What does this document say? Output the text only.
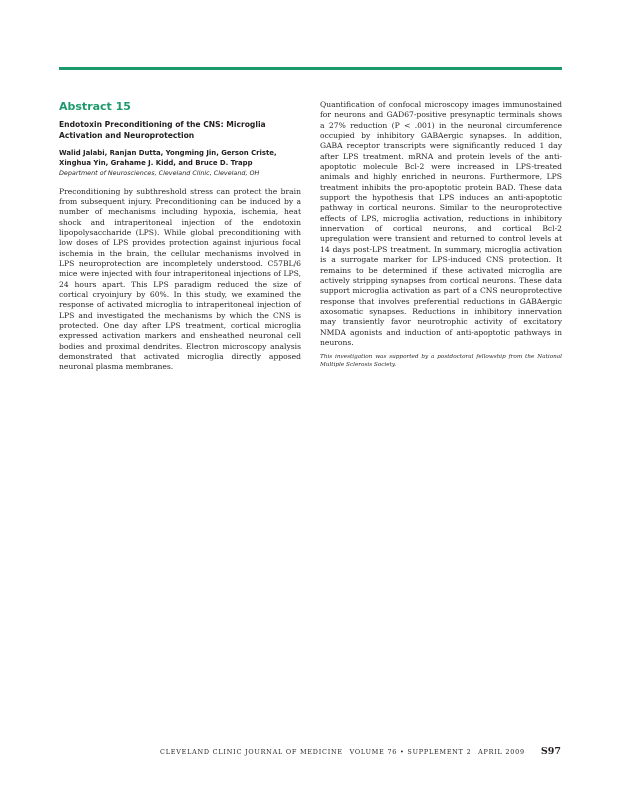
Abstract 15
Endotoxin Preconditioning of the CNS: Microglia Activation and Neuroprotection

Walid Jalabi, Ranjan Dutta, Yongming Jin, Gerson Criste, Xinghua Yin, Grahame J. Kidd, and Bruce D. Trapp

Department of Neurosciences, Cleveland Clinic, Cleveland, OH

Preconditioning by subthreshold stress can protect the brain from subsequent injury. Preconditioning can be induced by a number of mechanisms including hypoxia, ischemia, heat shock and intraperitoneal injection of the endotoxin lipopolysaccharide (LPS). While global preconditioning with low doses of LPS provides protection against injurious focal ischemia in the brain, the cellular mechanisms involved in LPS neuroprotection are incompletely understood. C57BL/6 mice were injected with four intraperitoneal injections of LPS, 24 hours apart. This LPS paradigm reduced the size of cortical cryoinjury by 60%. In this study, we examined the response of activated microglia to intraperitoneal injection of LPS and investigated the mechanisms by which the CNS is protected. One day after LPS treatment, cortical microglia expressed activation markers and ensheathed neuronal cell bodies and proximal dendrites. Electron microscopy analysis demonstrated that activated microglia directly apposed neuronal plasma membranes.

Quantification of confocal microscopy images immunostained for neurons and GAD67-positive presynaptic terminals shows a 27% reduction (P < .001) in the neuronal circumference occupied by inhibitory GABAergic synapses. In addition, GABA receptor transcripts were significantly reduced 1 day after LPS treatment. mRNA and protein levels of the anti-apoptotic molecule Bcl-2 were increased in LPS-treated animals and highly enriched in neurons. Furthermore, LPS treatment inhibits the pro-apoptotic protein BAD. These data support the hypothesis that LPS induces an anti-apoptotic pathway in cortical neurons. Similar to the neuroprotective effects of LPS, microglia activation, reductions in inhibitory innervation of cortical neurons, and cortical Bcl-2 upregulation were transient and returned to control levels at 14 days post-LPS treatment. In summary, microglia activation is a surrogate marker for LPS-induced CNS protection. It remains to be determined if these activated microglia are actively stripping synapses from cortical neurons. These data support microglia activation as part of a CNS neuroprotective response that involves preferential reductions in GABAergic axosomatic synapses. Reductions in inhibitory innervation may transiently favor neurotrophic activity of excitatory NMDA agonists and induction of anti-apoptotic pathways in neurons.

This investigation was supported by a postdoctoral fellowship from the National Multiple Sclerosis Society.

CLEVELAND CLINIC JOURNAL OF MEDICINE VOLUME 76 • SUPPLEMENT 2 APRIL 2009 S97
